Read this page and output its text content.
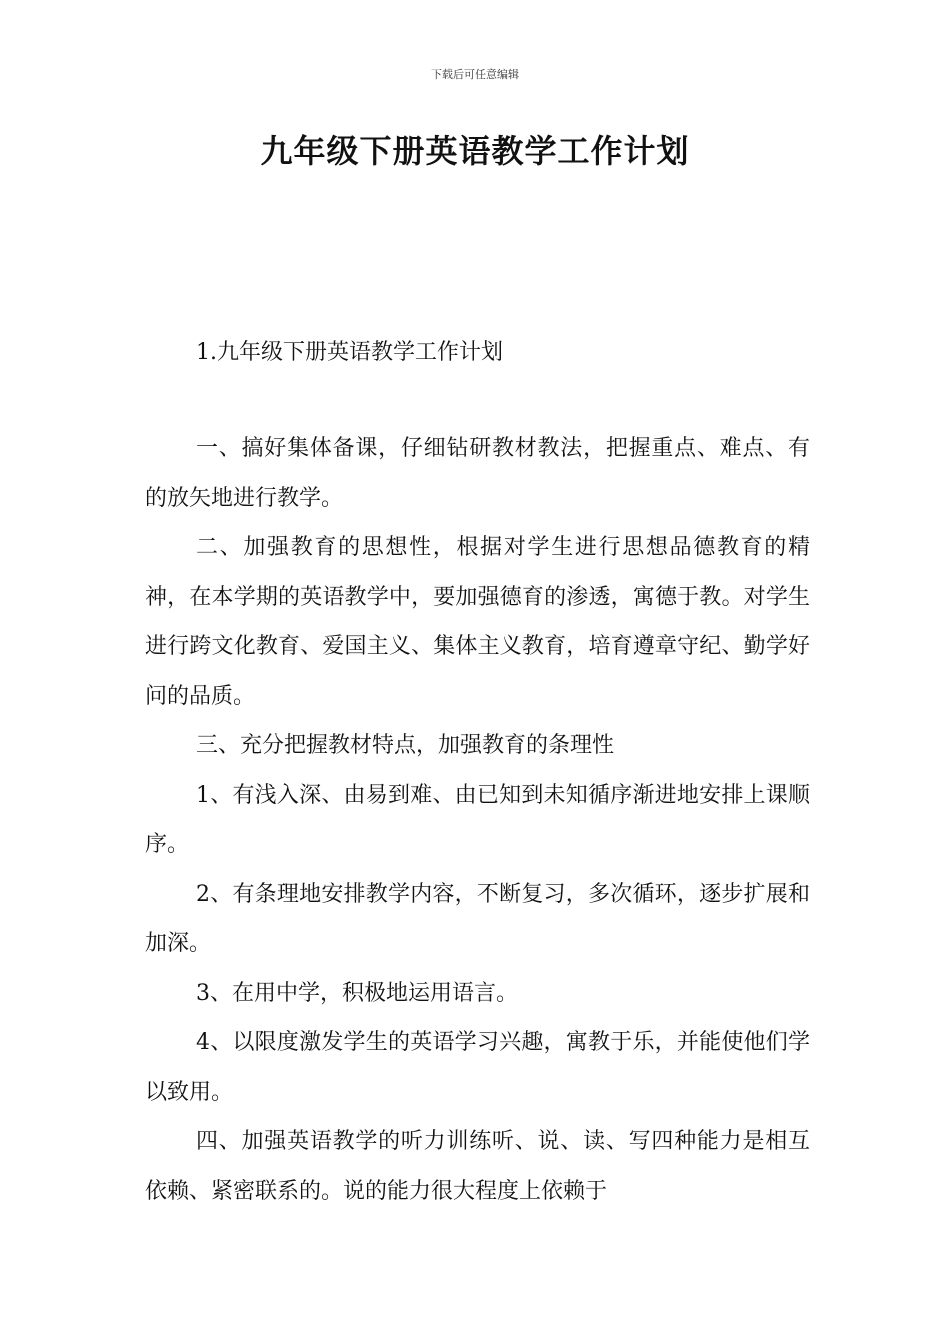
下载后可任意编辑
九年级下册英语教学工作计划

1.九年级下册英语教学工作计划

一、搞好集体备课，仔细钻研教材教法，把握重点、难点、有的放矢地进行教学。

二、加强教育的思想性，根据对学生进行思想品德教育的精神，在本学期的英语教学中，要加强德育的渗透，寓德于教。对学生进行跨文化教育、爱国主义、集体主义教育，培育遵章守纪、勤学好问的品质。

三、充分把握教材特点，加强教育的条理性

1、有浅入深、由易到难、由已知到未知循序渐进地安排上课顺序。

2、有条理地安排教学内容，不断复习，多次循环，逐步扩展和加深。

3、在用中学，积极地运用语言。

4、以限度激发学生的英语学习兴趣，寓教于乐，并能使他们学以致用。

四、加强英语教学的听力训练听、说、读、写四种能力是相互依赖、紧密联系的。说的能力很大程度上依赖于
